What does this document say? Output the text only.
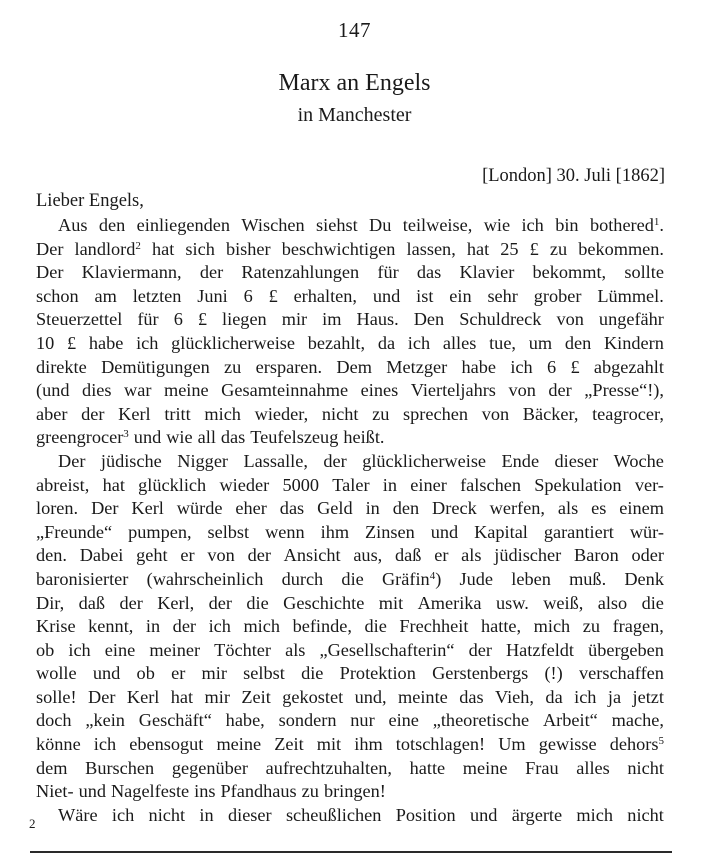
147
Marx an Engels
in Manchester
[London] 30. Juli [1862]
Lieber Engels,
Aus den einliegenden Wischen siehst Du teilweise, wie ich bin bothered$^1$.
Der landlord$^2$ hat sich bisher beschwichtigen lassen, hat 25 £ zu bekommen.
Der Klaviermann, der Ratenzahlungen für das Klavier bekommt, sollte
schon am letzten Juni 6 £ erhalten, und ist ein sehr grober Lümmel.
Steuerzettel für 6 £ liegen mir im Haus. Den Schuldreck von ungefähr
10 £ habe ich glücklicherweise bezahlt, da ich alles tue, um den Kindern
direkte Demütigungen zu ersparen. Dem Metzger habe ich 6 £ abgezahlt
(und dies war meine Gesamteinnahme eines Vierteljahrs von der „Presse“!),
aber der Kerl tritt mich wieder, nicht zu sprechen von Bäcker, teagrocer,
greengrocer$^3$ und wie all das Teufelszeug heißt.
Der jüdische Nigger Lassalle, der glücklicherweise Ende dieser Woche
abreist, hat glücklich wieder 5000 Taler in einer falschen Spekulation ver-
loren. Der Kerl würde eher das Geld in den Dreck werfen, als es einem
„Freunde“ pumpen, selbst wenn ihm Zinsen und Kapital garantiert wür-
den. Dabei geht er von der Ansicht aus, daß er als jüdischer Baron oder
baronisierter (wahrscheinlich durch die Gräfin$^4$) Jude leben muß. Denk
Dir, daß der Kerl, der die Geschichte mit Amerika usw. weiß, also die
Krise kennt, in der ich mich befinde, die Frechheit hatte, mich zu fragen,
ob ich eine meiner Töchter als „Gesellschafterin“ der Hatzfeldt übergeben
wolle und ob er mir selbst die Protektion Gerstenbergs (!) verschaffen
solle! Der Kerl hat mir Zeit gekostet und, meinte das Vieh, da ich ja jetzt
doch „kein Geschäft“ habe, sondern nur eine „theoretische Arbeit“ mache,
könne ich ebensogut meine Zeit mit ihm totschlagen! Um gewisse dehors$^5$
dem Burschen gegenüber aufrechtzuhalten, hatte meine Frau alles nicht
Niet- und Nagelfeste ins Pfandhaus zu bringen!
Wäre ich nicht in dieser scheußlichen Position und ärgerte mich nicht
2
